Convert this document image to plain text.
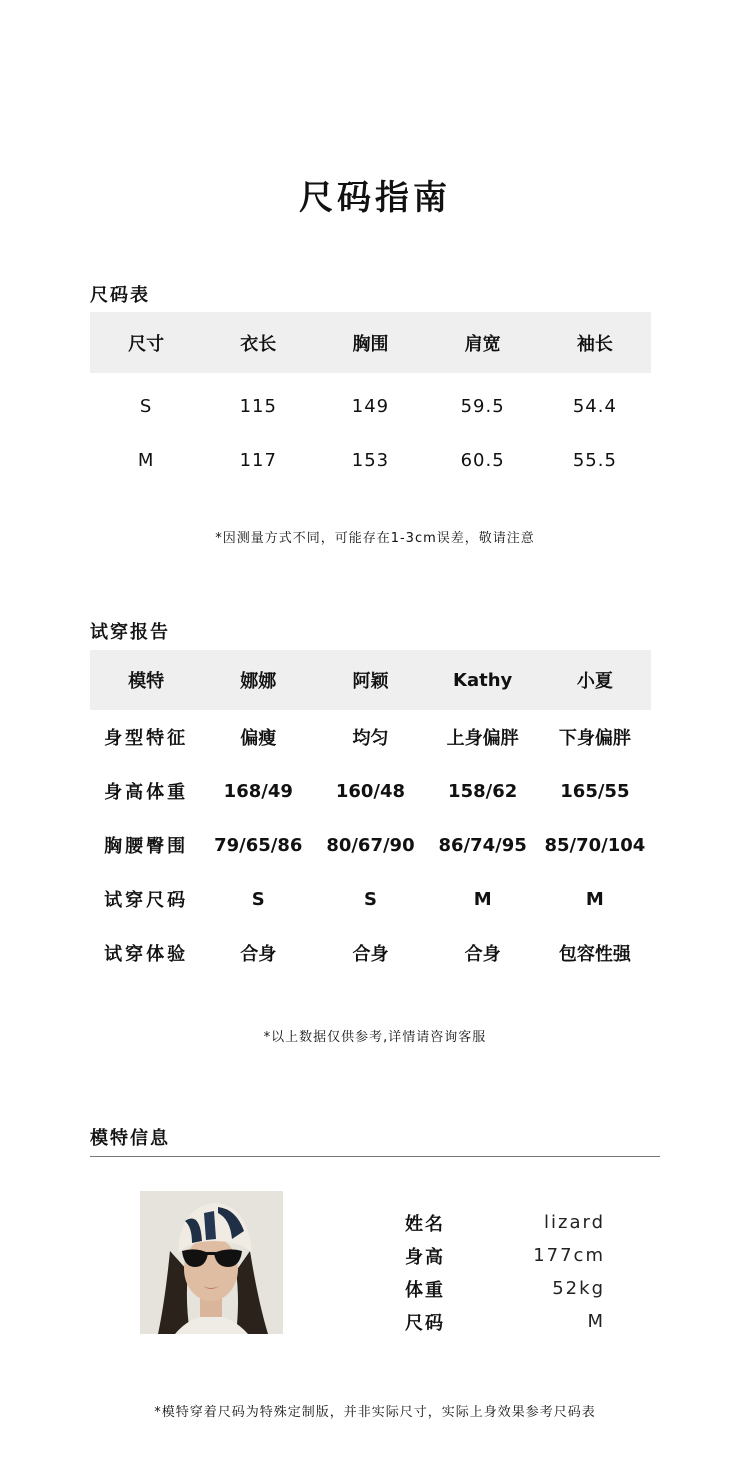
尺码指南
尺码表
尺寸	衣长	胸围	肩宽	袖长
S	115	149	59.5	54.4
M	117	153	60.5	55.5
*因测量方式不同，可能存在1-3cm误差，敬请注意
试穿报告
模特	娜娜	阿颖	Kathy	小夏
身型特征	偏瘦	均匀	上身偏胖	下身偏胖
身高体重	168/49	160/48	158/62	165/55
胸腰臀围	79/65/86	80/67/90	86/74/95	85/70/104
试穿尺码	S	S	M	M
试穿体验	合身	合身	合身	包容性强
*以上数据仅供参考,详情请咨询客服
模特信息
姓名	lizard
身高	177cm
体重	52kg
尺码	M
*模特穿着尺码为特殊定制版，并非实际尺寸，实际上身效果参考尺码表
